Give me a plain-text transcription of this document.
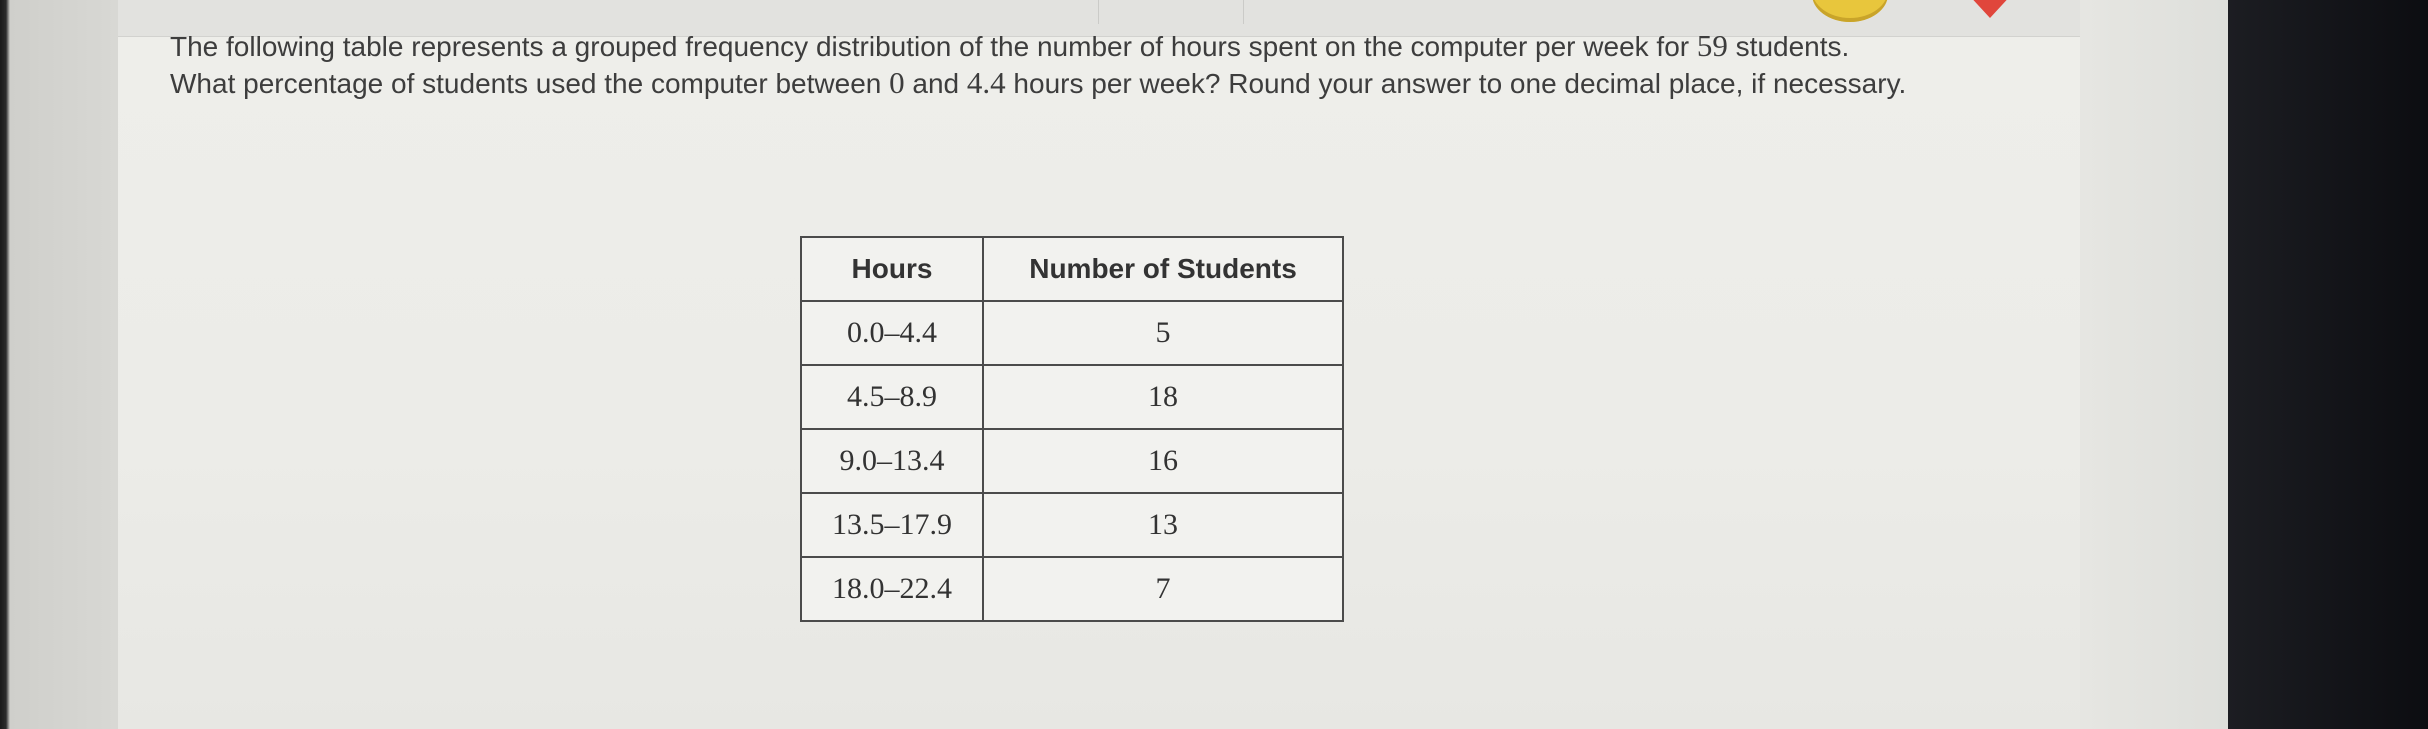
The following table represents a grouped frequency distribution of the number of hours spent on the computer per week for 59 students.
What percentage of students used the computer between 0 and 4.4 hours per week? Round your answer to one decimal place, if necessary.
Hours	Number of Students
0.0–4.4	5
4.5–8.9	18
9.0–13.4	16
13.5–17.9	13
18.0–22.4	7
